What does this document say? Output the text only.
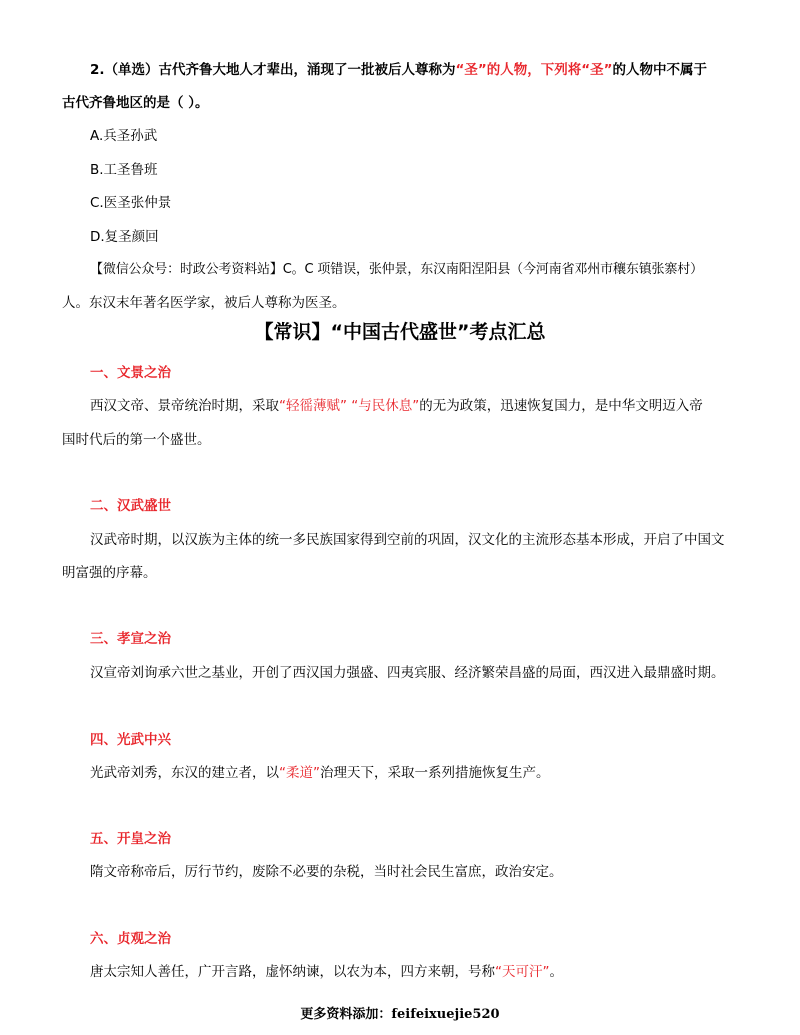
2.（单选）古代齐鲁大地人才辈出，涌现了一批被后人尊称为“圣”的人物，下列将“圣”的人物中不属于
古代齐鲁地区的是（ ）。
A.兵圣孙武
B.工圣鲁班
C.医圣张仲景
D.复圣颜回
【微信公众号：时政公考资料站】C。C 项错误，张仲景，东汉南阳涅阳县（今河南省邓州市穰东镇张寨村）
人。东汉末年著名医学家，被后人尊称为医圣。
【常识】“中国古代盛世”考点汇总
一、文景之治
西汉文帝、景帝统治时期，采取“轻徭薄赋” “与民休息”的无为政策，迅速恢复国力，是中华文明迈入帝
国时代后的第一个盛世。
二、汉武盛世
汉武帝时期，以汉族为主体的统一多民族国家得到空前的巩固，汉文化的主流形态基本形成，开启了中国文
明富强的序幕。
三、孝宣之治
汉宣帝刘询承六世之基业，开创了西汉国力强盛、四夷宾服、经济繁荣昌盛的局面，西汉进入最鼎盛时期。
四、光武中兴
光武帝刘秀，东汉的建立者，以“柔道”治理天下，采取一系列措施恢复生产。
五、开皇之治
隋文帝称帝后，厉行节约，废除不必要的杂税，当时社会民生富庶，政治安定。
六、贞观之治
唐太宗知人善任，广开言路，虚怀纳谏，以农为本，四方来朝，号称“天可汗”。
更多资料添加：feifeixuejie520
